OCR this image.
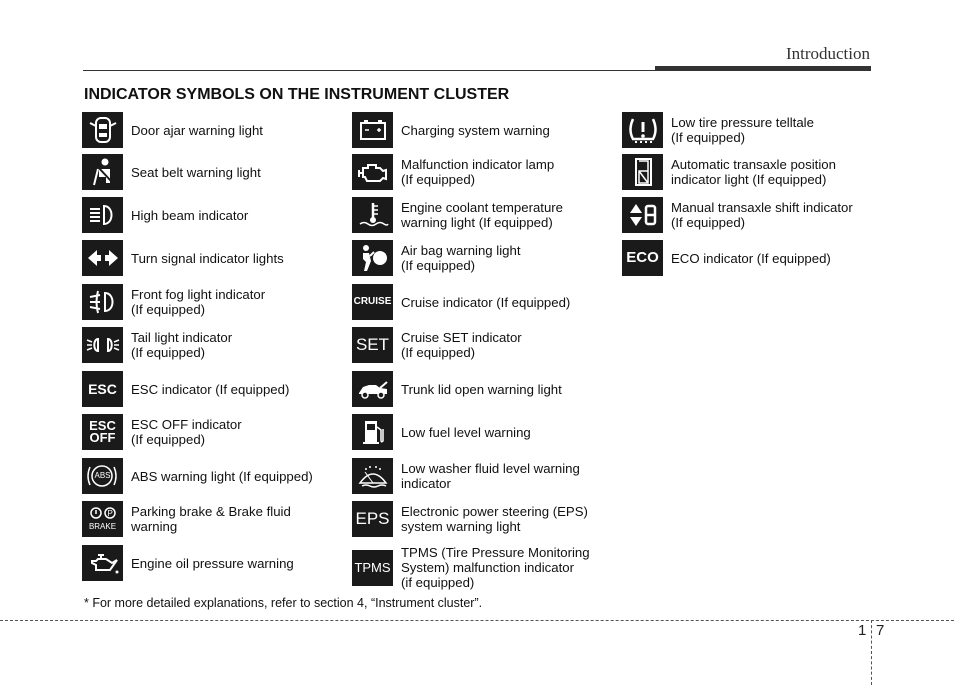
Introduction
INDICATOR SYMBOLS ON THE INSTRUMENT CLUSTER
Door ajar warning light
Seat belt warning light
High beam indicator
Turn signal indicator lights
Front fog light indicator
(If equipped)
Tail light indicator
(If equipped)
ESC ESC indicator (If equipped)
ESC
OFF
ESC OFF indicator
(If equipped)
ABS ABS warning light (If equipped)
P
BRAKE
Parking brake & Brake fluid
warning
Engine oil pressure warning
Charging system warning
Malfunction indicator lamp
(If equipped)
Engine coolant temperature
warning light (If equipped)
Air bag warning light
(If equipped)
CRUISE Cruise indicator (If equipped)
SET Cruise SET indicator
(If equipped)
Trunk lid open warning light
Low fuel level warning
Low washer fluid level warning
indicator
EPS Electronic power steering (EPS)
system warning light
TPMS
TPMS (Tire Pressure Monitoring
System) malfunction indicator
(if equipped)
Low tire pressure telltale
(If equipped)
Automatic transaxle position
indicator light (If equipped)
Manual transaxle shift indicator
(If equipped)
ECO ECO indicator (If equipped)
* For more detailed explanations, refer to section 4, “Instrument cluster”.
1 7
